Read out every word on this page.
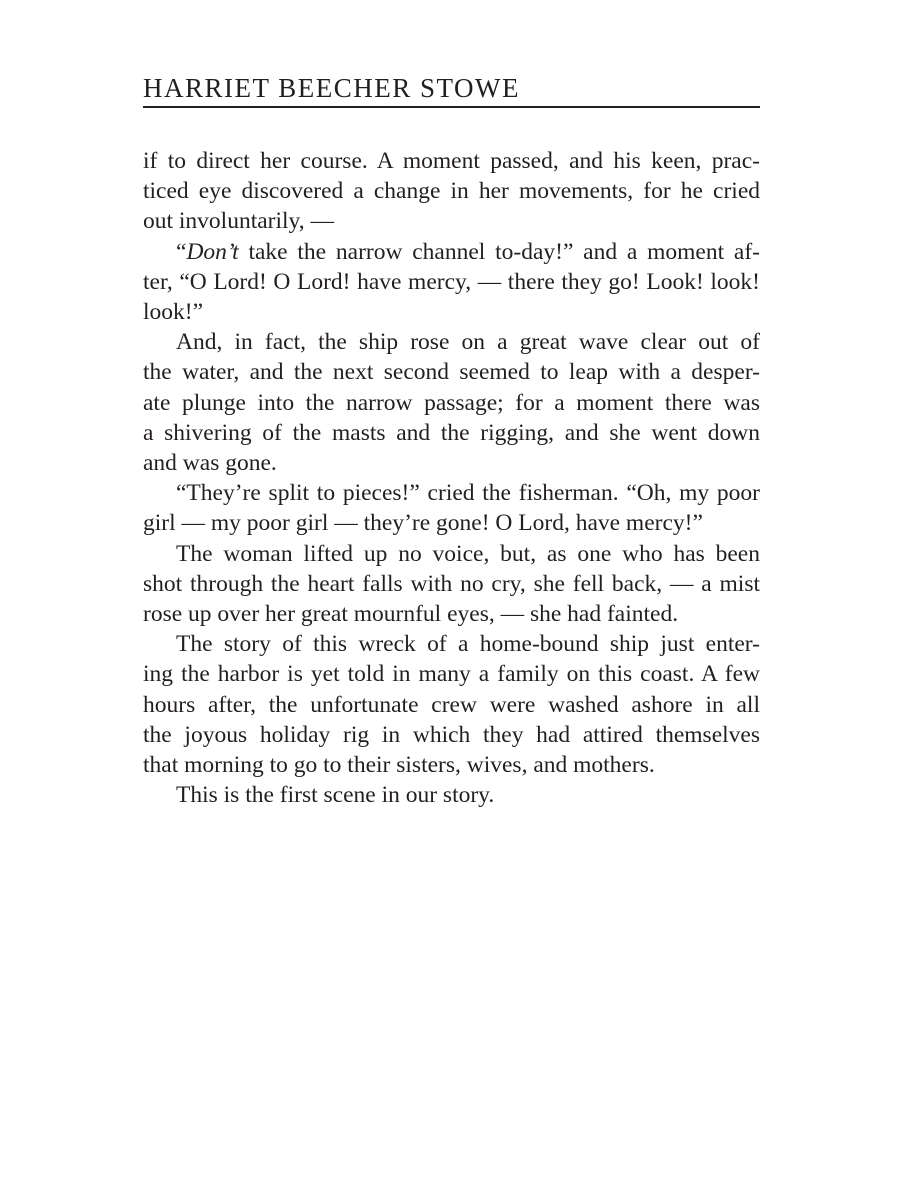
HARRIET BEECHER STOWE

if to direct her course. A moment passed, and his keen, prac-
ticed eye discovered a change in her movements, for he cried
out involuntarily, —

“Don’t take the narrow channel to-day!” and a moment af-
ter, “O Lord! O Lord! have mercy, — there they go! Look! look!
look!”

And, in fact, the ship rose on a great wave clear out of
the water, and the next second seemed to leap with a desper-
ate plunge into the narrow passage; for a moment there was
a shivering of the masts and the rigging, and she went down
and was gone.

“They’re split to pieces!” cried the fisherman. “Oh, my poor
girl — my poor girl — they’re gone! O Lord, have mercy!”

The woman lifted up no voice, but, as one who has been
shot through the heart falls with no cry, she fell back, — a mist
rose up over her great mournful eyes, — she had fainted.

The story of this wreck of a home-bound ship just enter-
ing the harbor is yet told in many a family on this coast. A few
hours after, the unfortunate crew were washed ashore in all
the joyous holiday rig in which they had attired themselves
that morning to go to their sisters, wives, and mothers.

This is the first scene in our story.
